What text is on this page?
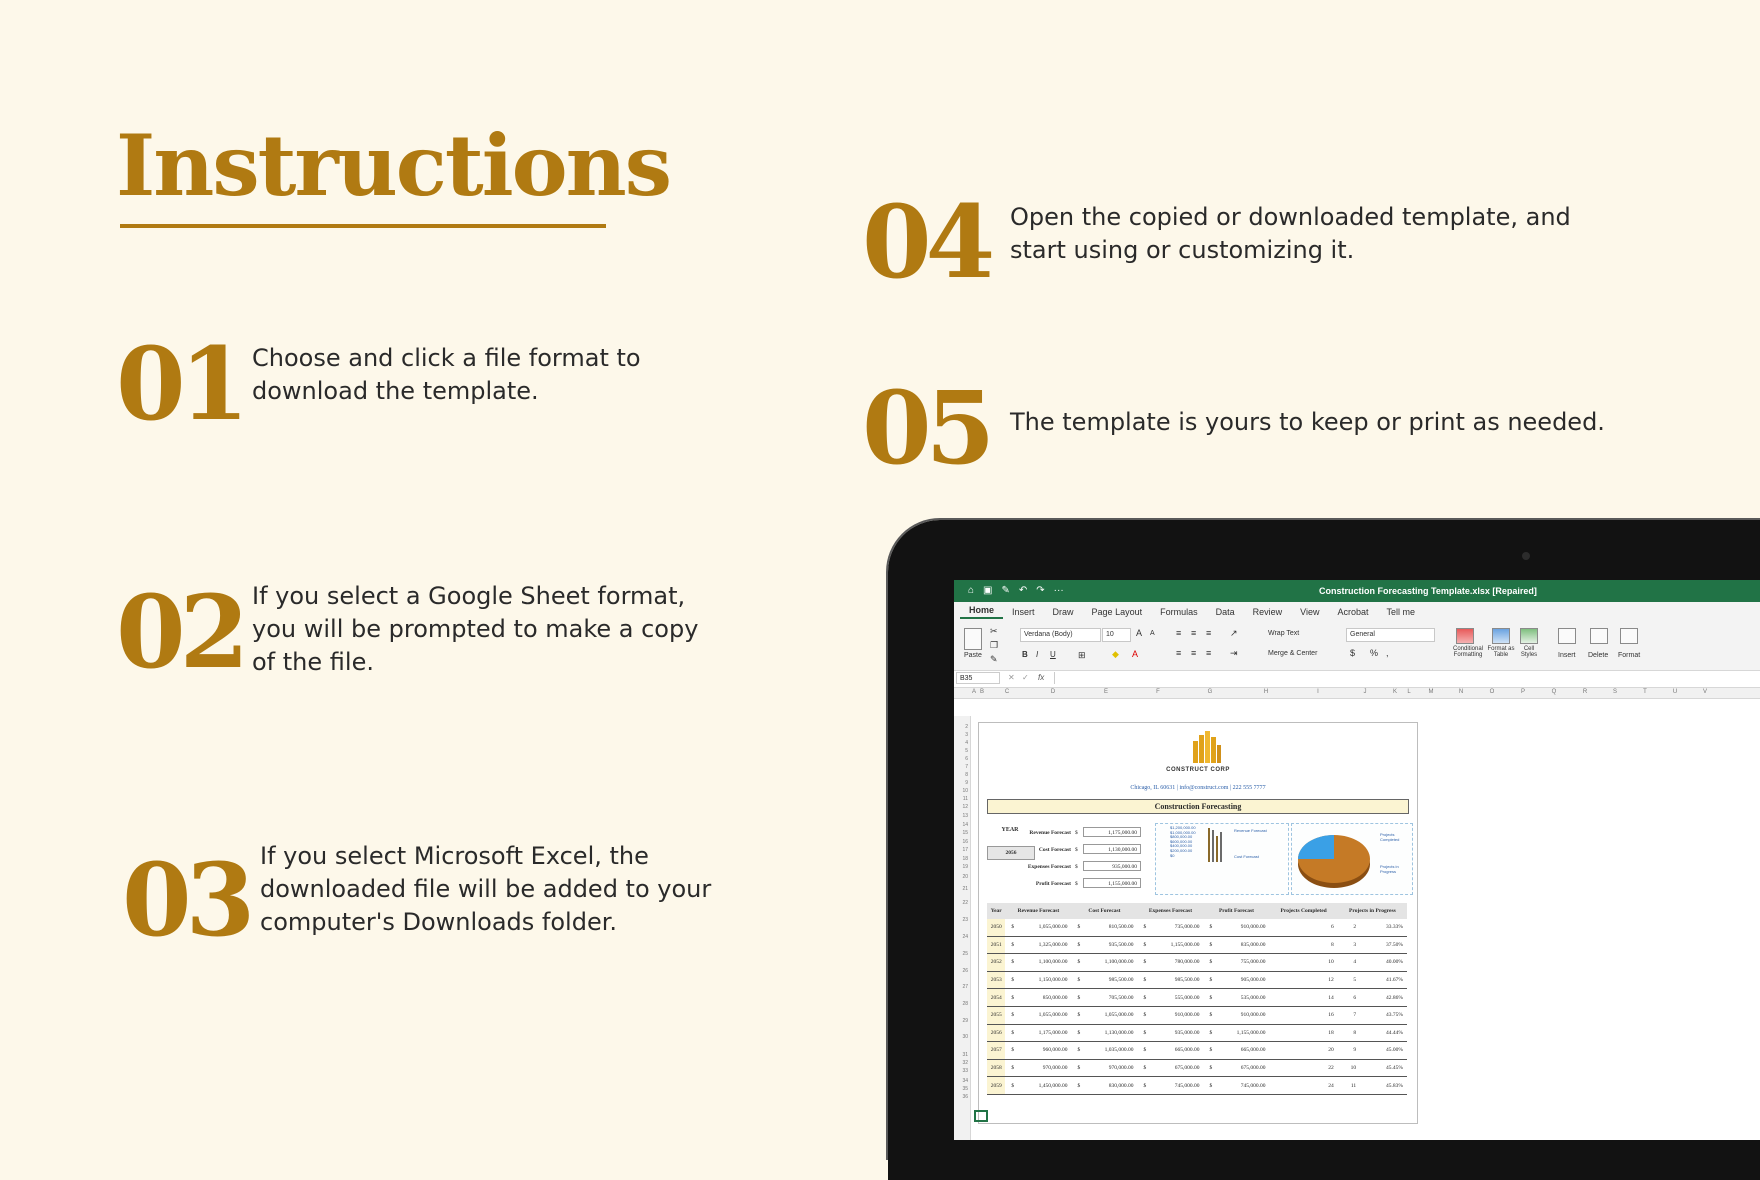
Instructions
01 Choose and click a file format to download the template.
02 If you select a Google Sheet format, you will be prompted to make a copy of the file.
03 If you select Microsoft Excel, the downloaded file will be added to your computer's Downloads folder.
04 Open the copied or downloaded template, and start using or customizing it.
05 The template is yours to keep or print as needed.
⌂ ▣ ✎ ↶ ↷ ···	Construction Forecasting Template.xlsx [Repaired]
Home	Insert	Draw	Page Layout	Formulas	Data	Review	View	Acrobat	Tell me
Paste
✂
❐
✎
Verdana (Body)	10	A A
B I U ⊞	◆ A
≡ ≡ ≡
≡ ≡ ≡
↗
⇥
Wrap Text
Merge & Center
General
$ % ,	Conditional Formatting
Format as Table
Cell Styles	Insert Delete Format
B35	✕ ✓ fx
A B	C	D	E	F	G	H	I	J	K	L	M	N	O	P	Q	R	S	T	U	V
2
3
4
5
6
7
8
9
10
11
12
13
14
15
16
17
18
19
20
21
22
23
24
25
26
27
28
29
30
31
32
33
34
35
36
CONSTRUCT CORP
Chicago, IL 60631 | info@construct.com | 222 555 7777
Construction Forecasting
YEAR
2056
Revenue Forecast $	1,175,000.00
Cost Forecast $	1,130,000.00
Expenses Forecast $	935,000.00
Profit Forecast $	1,155,000.00
$1,200,000.00
$1,000,000.00
$800,000.00
$600,000.00
$400,000.00
$200,000.00
$0
Revenue Forecast
Cost Forecast
Projects Completed
Projects in Progress
Year	Revenue Forecast		Cost Forecast		Expenses Forecast		Profit Forecast		Projects Completed	Projects in Progress	
2050	$	1,055,000.00	$	810,500.00	$	735,000.00	$	910,000.00	6	2	33.33%
2051	$	1,325,000.00	$	935,500.00	$	1,155,000.00	$	835,000.00	8	3	37.50%
2052	$	1,100,000.00	$	1,100,000.00	$	780,000.00	$	755,000.00	10	4	40.00%
2053	$	1,150,000.00	$	985,500.00	$	985,500.00	$	905,000.00	12	5	41.67%
2054	$	850,000.00	$	705,500.00	$	555,000.00	$	535,000.00	14	6	42.86%
2055	$	1,055,000.00	$	1,055,000.00	$	910,000.00	$	910,000.00	16	7	43.75%
2056	$	1,175,000.00	$	1,130,000.00	$	935,000.00	$	1,155,000.00	18	8	44.44%
2057	$	960,000.00	$	1,035,000.00	$	665,000.00	$	665,000.00	20	9	45.00%
2058	$	970,000.00	$	970,000.00	$	675,000.00	$	675,000.00	22	10	45.45%
2059	$	1,450,000.00	$	830,000.00	$	745,000.00	$	745,000.00	24	11	45.83%
